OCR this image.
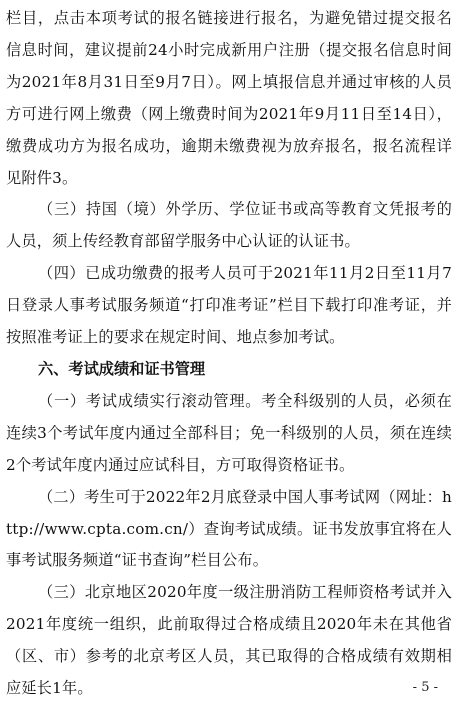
栏目，点击本项考试的报名链接进行报名，为避免错过提交报名信息时间，建议提前24小时完成新用户注册（提交报名信息时间为2021年8月31日至9月7日）。网上填报信息并通过审核的人员方可进行网上缴费（网上缴费时间为2021年9月11日至14日），缴费成功方为报名成功，逾期未缴费视为放弃报名，报名流程详见附件3。

（三）持国（境）外学历、学位证书或高等教育文凭报考的人员，须上传经教育部留学服务中心认证的认证书。

（四）已成功缴费的报考人员可于2021年11月2日至11月7日登录人事考试服务频道“打印准考证”栏目下载打印准考证，并按照准考证上的要求在规定时间、地点参加考试。

六、考试成绩和证书管理

（一）考试成绩实行滚动管理。考全科级别的人员，必须在连续3个考试年度内通过全部科目；免一科级别的人员，须在连续2个考试年度内通过应试科目，方可取得资格证书。

（二）考生可于2022年2月底登录中国人事考试网（网址：http://www.cpta.com.cn/）查询考试成绩。证书发放事宜将在人事考试服务频道“证书查询”栏目公布。

（三）北京地区2020年度一级注册消防工程师资格考试并入2021年度统一组织，此前取得过合格成绩且2020年未在其他省（区、市）参考的北京考区人员，其已取得的合格成绩有效期相应延长1年。	- 5 -
